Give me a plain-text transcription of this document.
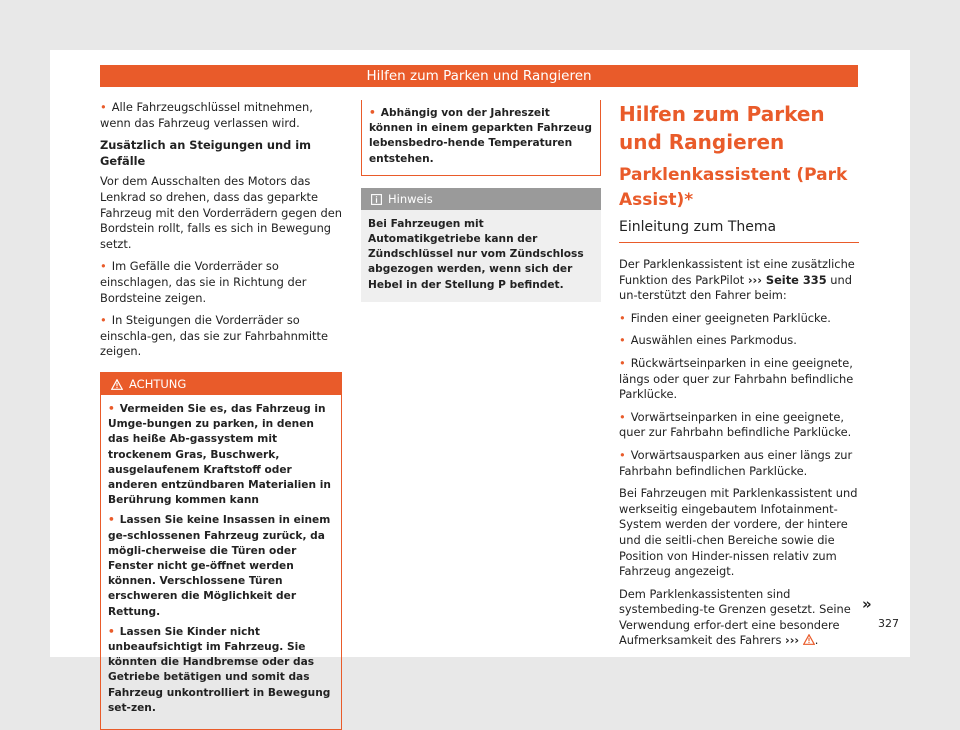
Hilfen zum Parken und Rangieren

• Alle Fahrzeugschlüssel mitnehmen, wenn das Fahrzeug verlassen wird.

Zusätzlich an Steigungen und im Gefälle

Vor dem Ausschalten des Motors das Lenkrad so drehen, dass das geparkte Fahrzeug mit den Vorderrädern gegen den Bordstein rollt, falls es sich in Bewegung setzt.

• Im Gefälle die Vorderräder so einschlagen, das sie in Richtung der Bordsteine zeigen.

• In Steigungen die Vorderräder so einschla-gen, das sie zur Fahrbahnmitte zeigen.

ACHTUNG

• Vermeiden Sie es, das Fahrzeug in Umge-bungen zu parken, in denen das heiße Ab-gassystem mit trockenem Gras, Buschwerk, ausgelaufenem Kraftstoff oder anderen entzündbaren Materialien in Berührung kommen kann

• Lassen Sie keine Insassen in einem ge-schlossenen Fahrzeug zurück, da mögli-cherweise die Türen oder Fenster nicht ge-öffnet werden können. Verschlossene Türen erschweren die Möglichkeit der Rettung.

• Lassen Sie Kinder nicht unbeaufsichtigt im Fahrzeug. Sie könnten die Handbremse oder das Getriebe betätigen und somit das Fahrzeug unkontrolliert in Bewegung set-zen.

• Abhängig von der Jahreszeit können in einem geparkten Fahrzeug lebensbedro-hende Temperaturen entstehen.

Hinweis
Bei Fahrzeugen mit Automatikgetriebe kann der Zündschlüssel nur vom Zündschloss abgezogen werden, wenn sich der Hebel in der Stellung P befindet.
Hilfen zum Parken und Rangieren
Parklenkassistent (Park Assist)*
Einleitung zum Thema

Der Parklenkassistent ist eine zusätzliche Funktion des ParkPilot ››› Seite 335 und un-terstützt den Fahrer beim:

• Finden einer geeigneten Parklücke.

• Auswählen eines Parkmodus.

• Rückwärtseinparken in eine geeignete, längs oder quer zur Fahrbahn befindliche Parklücke.

• Vorwärtseinparken in eine geeignete, quer zur Fahrbahn befindliche Parklücke.

• Vorwärtsausparken aus einer längs zur Fahrbahn befindlichen Parklücke.

Bei Fahrzeugen mit Parklenkassistent und werkseitig eingebautem Infotainment-System werden der vordere, der hintere und die seitli-chen Bereiche sowie die Position von Hinder-nissen relativ zum Fahrzeug angezeigt.

Dem Parklenkassistenten sind systembeding-te Grenzen gesetzt. Seine Verwendung erfor-dert eine besondere Aufmerksamkeit des Fahrers ››› .

»
327
